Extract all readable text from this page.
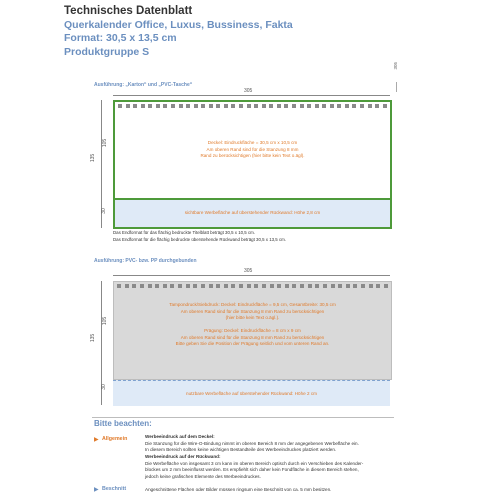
Technisches Datenblatt
Querkalender Office, Luxus, Bussiness, Fakta
Format: 30,5 x 13,5 cm
Produktgruppe S
Ausführung: „Karton“ und „PVC-Tasche“
305
305
135
105
30
Deckel: Eindruckfläche = 30,5 cm x 10,5 cm
Am oberen Rand sind für die Stanzung 8 mm
Rand zu berücksichtigen (hier bitte kein Text o.ägl).
sichtbare Werbefläche auf überstehender Rückwand: Höhe 2,8 cm
Das Endformat für das flächig bedruckte Titelblatt beträgt 30,5 x 10,5 cm.
Das Endformat für die flächig bedruckte überstehende Rückwand beträgt 30,5 x 13,5 cm.
Ausführung: PVC- bzw. PP durchgebunden
305
135
105
30
Tampondruck/Siebdruck: Deckel: Eindruckfläche = 9,5 cm, Gesamtbreite: 30,5 cm
Am oberen Rand sind für die Stanzung 8 mm Rand zu berücksichtigen
(hier bitte kein Text o.ägl.).
Prägung: Deckel: Eindruckfläche = 8 cm x 9 cm
Am oberen Rand sind für die Stanzung 8 mm Rand zu berücksichtigen
Bitte geben Sie die Position der Prägung seitlich und vom unteren Rand an.
nutzbare Werbefläche auf überstehender Rückwand: Höhe 2 cm
Bitte beachten:
▶ Allgemein	Werbeeindruck auf dem Deckel:
Die Stanzung für die Wire-O-Bindung nimmt im oberen Bereich 8 mm der angegebenen Werbefläche ein.
In diesem Bereich sollten keine wichtigen Bestandteile des Werbeeindruckes platziert werden.
Werbeeindruck auf der Rückwand:
Die Werbefläche von insgesamt 3 cm kann im oberen Bereich optisch durch ein Verschieben des Kalender-
blockes um 2 mm beeinflusst werden. Es empfiehlt sich daher kein Fondfläche in diesem Bereich stehen,
jedoch keine grafischen Elemente des Werbeeindruckes.
▶ Beschnitt	Angeschnittene Flächen oder Bilder müssen ringsum eine Beschnitt von ca. 5 mm besitzen.
